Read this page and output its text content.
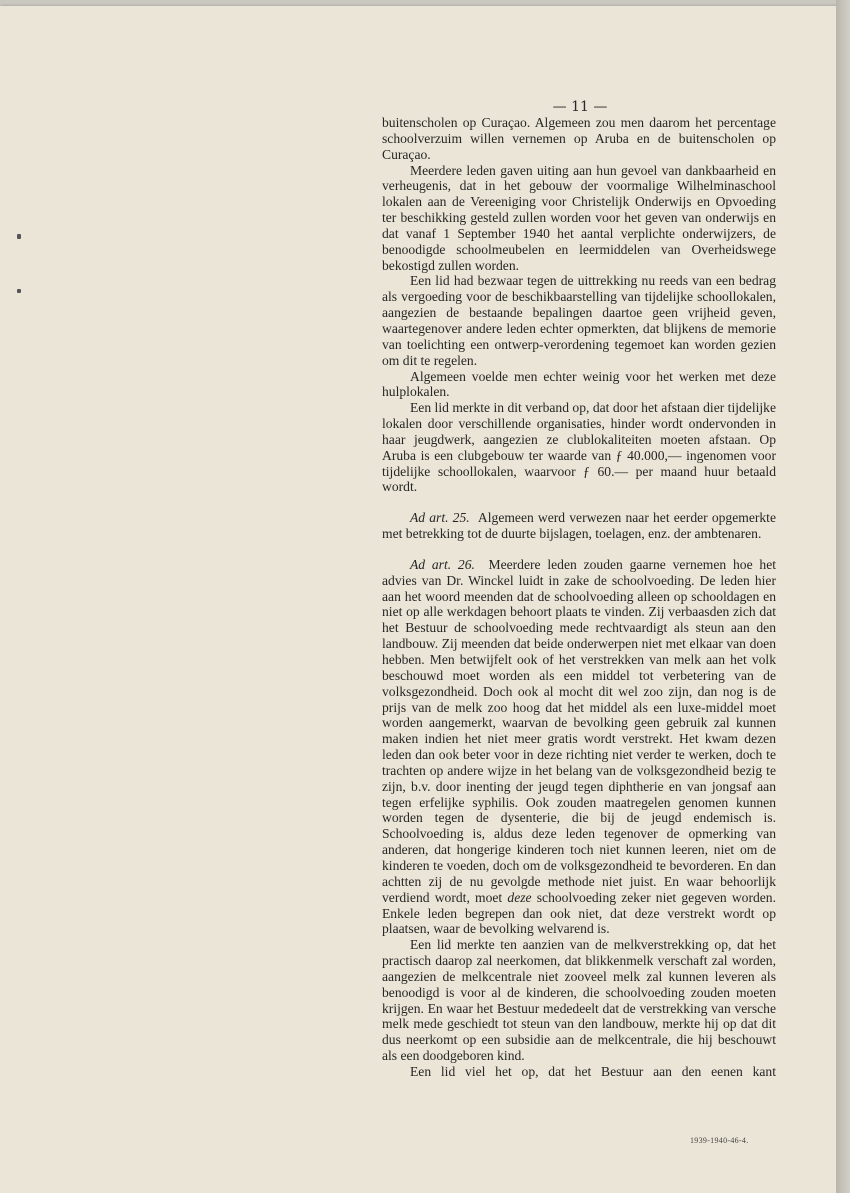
— 11 —

buitenscholen op Curaçao. Algemeen zou men daarom het percentage schoolverzuim willen vernemen op Aruba en de buitenscholen op Curaçao.

Meerdere leden gaven uiting aan hun gevoel van dankbaarheid en verheugenis, dat in het gebouw der voormalige Wilhelminaschool lokalen aan de Vereeniging voor Christelijk Onderwijs en Opvoeding ter beschikking gesteld zullen worden voor het geven van onderwijs en dat vanaf 1 September 1940 het aantal verplichte onderwijzers, de benoodigde schoolmeubelen en leermiddelen van Overheidswege bekostigd zullen worden.

Een lid had bezwaar tegen de uittrekking nu reeds van een bedrag als vergoeding voor de beschikbaarstelling van tijdelijke schoollokalen, aangezien de bestaande bepalingen daartoe geen vrijheid geven, waartegenover andere leden echter opmerkten, dat blijkens de memorie van toelichting een ontwerp-verordening tegemoet kan worden gezien om dit te regelen.

Algemeen voelde men echter weinig voor het werken met deze hulplokalen.

Een lid merkte in dit verband op, dat door het afstaan dier tijdelijke lokalen door verschillende organisaties, hinder wordt ondervonden in haar jeugdwerk, aangezien ze clublokaliteiten moeten afstaan. Op Aruba is een clubgebouw ter waarde van ƒ 40.000,— ingenomen voor tijdelijke schoollokalen, waarvoor ƒ 60.— per maand huur betaald wordt.

Ad art. 25. Algemeen werd verwezen naar het eerder opgemerkte met betrekking tot de duurte bijslagen, toelagen, enz. der ambtenaren.

Ad art. 26. Meerdere leden zouden gaarne vernemen hoe het advies van Dr. Winckel luidt in zake de schoolvoeding. De leden hier aan het woord meenden dat de schoolvoeding alleen op schooldagen en niet op alle werkdagen behoort plaats te vinden. Zij verbaasden zich dat het Bestuur de schoolvoeding mede rechtvaardigt als steun aan den landbouw. Zij meenden dat beide onderwerpen niet met elkaar van doen hebben. Men betwijfelt ook of het verstrekken van melk aan het volk beschouwd moet worden als een middel tot verbetering van de volksgezondheid. Doch ook al mocht dit wel zoo zijn, dan nog is de prijs van de melk zoo hoog dat het middel als een luxe-middel moet worden aangemerkt, waarvan de bevolking geen gebruik zal kunnen maken indien het niet meer gratis wordt verstrekt. Het kwam dezen leden dan ook beter voor in deze richting niet verder te werken, doch te trachten op andere wijze in het belang van de volksgezondheid bezig te zijn, b.v. door inenting der jeugd tegen diphtherie en van jongsaf aan tegen erfelijke syphilis. Ook zouden maatregelen genomen kunnen worden tegen de dysenterie, die bij de jeugd endemisch is. Schoolvoeding is, aldus deze leden tegenover de opmerking van anderen, dat hongerige kinderen toch niet kunnen leeren, niet om de kinderen te voeden, doch om de volksgezondheid te bevorderen. En dan achtten zij de nu gevolgde methode niet juist. En waar behoorlijk verdiend wordt, moet deze schoolvoeding zeker niet gegeven worden. Enkele leden begrepen dan ook niet, dat deze verstrekt wordt op plaatsen, waar de bevolking welvarend is.

Een lid merkte ten aanzien van de melkverstrekking op, dat het practisch daarop zal neerkomen, dat blikkenmelk verschaft zal worden, aangezien de melkcentrale niet zooveel melk zal kunnen leveren als benoodigd is voor al de kinderen, die schoolvoeding zouden moeten krijgen. En waar het Bestuur mededeelt dat de verstrekking van versche melk mede geschiedt tot steun van den landbouw, merkte hij op dat dit dus neerkomt op een subsidie aan de melkcentrale, die hij beschouwt als een doodgeboren kind.

Een lid viel het op, dat het Bestuur aan den eenen kant

1939-1940-46-4.
